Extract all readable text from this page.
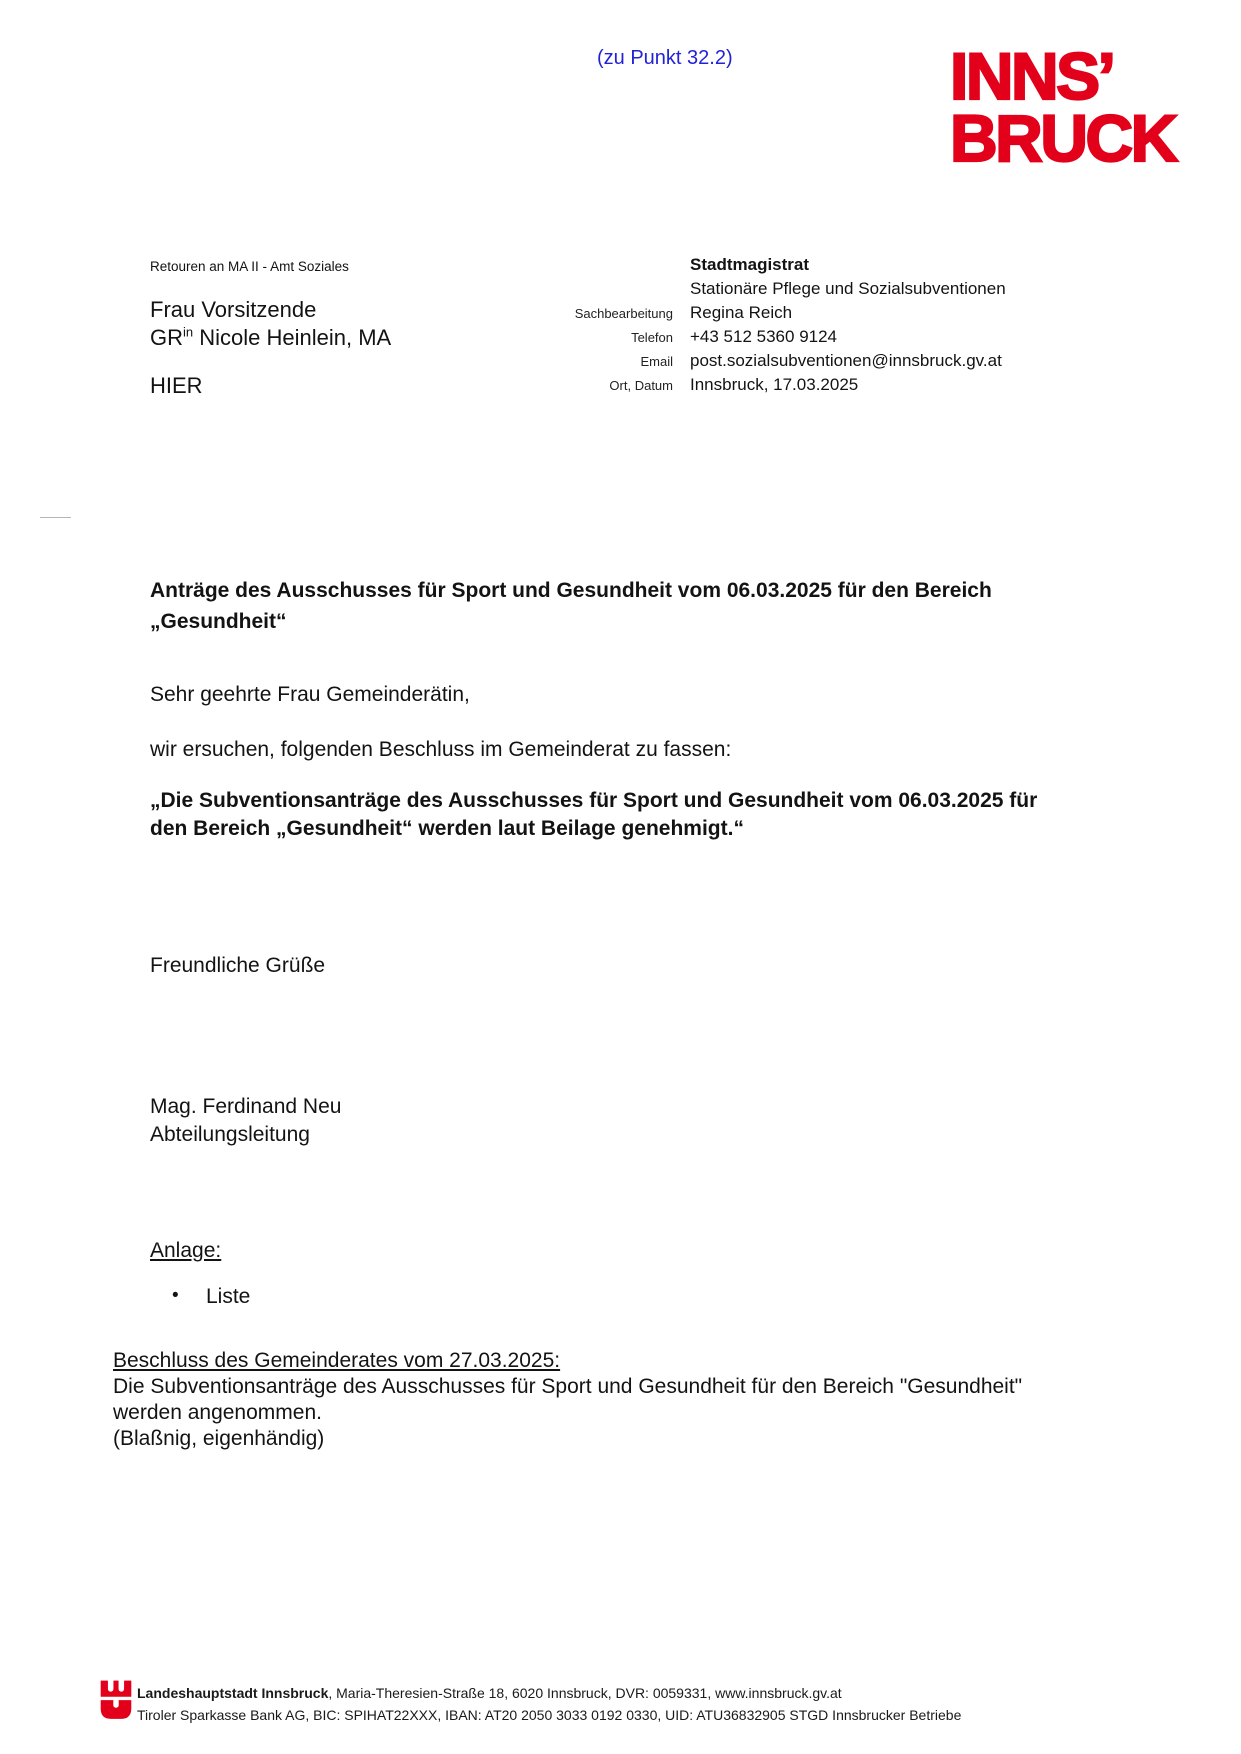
(zu Punkt 32.2)	INNS’
BRUCK
Retouren an MA II - Amt Soziales
Frau Vorsitzende
$GR^{in}$ Nicole Heinlein, MA
HIER
Stadtmagistrat
Stationäre Pflege und Sozialsubventionen
Sachbearbeitung	Regina Reich
Telefon	+43 512 5360 9124
Email	post.sozialsubventionen@innsbruck.gv.at
Ort, Datum	Innsbruck, 17.03.2025
Anträge des Ausschusses für Sport und Gesundheit vom 06.03.2025 für den Bereich
„Gesundheit“
Sehr geehrte Frau Gemeinderätin,
wir ersuchen, folgenden Beschluss im Gemeinderat zu fassen:
„Die Subventionsanträge des Ausschusses für Sport und Gesundheit vom 06.03.2025 für
den Bereich „Gesundheit“ werden laut Beilage genehmigt.“
Freundliche Grüße
Mag. Ferdinand Neu
Abteilungsleitung
Anlage:
•	Liste
Beschluss des Gemeinderates vom 27.03.2025:
Die Subventionsanträge des Ausschusses für Sport und Gesundheit für den Bereich "Gesundheit"
werden angenommen.
(Blaßnig, eigenhändig)
Landeshauptstadt Innsbruck, Maria-Theresien-Straße 18, 6020 Innsbruck, DVR: 0059331, www.innsbruck.gv.at
Tiroler Sparkasse Bank AG, BIC: SPIHAT22XXX, IBAN: AT20 2050 3033 0192 0330, UID: ATU36832905 STGD Innsbrucker Betriebe
